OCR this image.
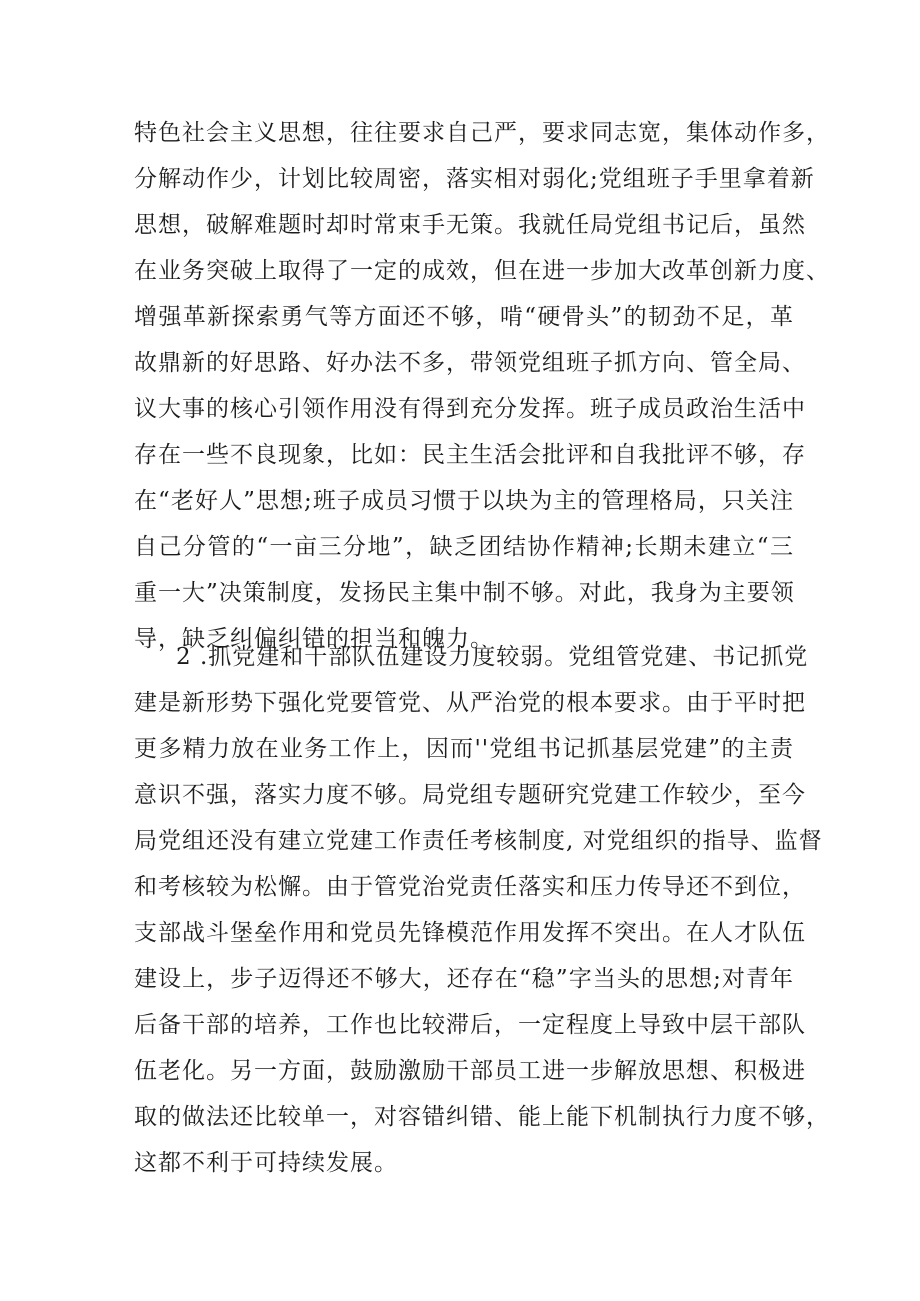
特色社会主义思想，往往要求自己严，要求同志宽，集体动作多，
分解动作少，计划比较周密，落实相对弱化;党组班子手里拿着新
思想，破解难题时却时常束手无策。我就任局党组书记后，虽然
在业务突破上取得了一定的成效，但在进一步加大改革创新力度、
增强革新探索勇气等方面还不够，啃“硬骨头”的韧劲不足，革
故鼎新的好思路、好办法不多，带领党组班子抓方向、管全局、
议大事的核心引领作用没有得到充分发挥。班子成员政治生活中
存在一些不良现象，比如：民主生活会批评和自我批评不够，存
在“老好人”思想;班子成员习惯于以块为主的管理格局，只关注
自己分管的“一亩三分地”，缺乏团结协作精神;长期未建立“三
重一大”决策制度，发扬民主集中制不够。对此，我身为主要领
导，缺乏纠偏纠错的担当和魄力。
2 .抓党建和干部队伍建设力度较弱。党组管党建、书记抓党
建是新形势下强化党要管党、从严治党的根本要求。由于平时把
更多精力放在业务工作上，因而''党组书记抓基层党建”的主责
意识不强，落实力度不够。局党组专题研究党建工作较少，至今
局党组还没有建立党建工作责任考核制度, 对党组织的指导、监督
和考核较为松懈。由于管党治党责任落实和压力传导还不到位，
支部战斗堡垒作用和党员先锋模范作用发挥不突出。在人才队伍
建设上，步子迈得还不够大，还存在“稳”字当头的思想;对青年
后备干部的培养，工作也比较滞后，一定程度上导致中层干部队
伍老化。另一方面，鼓励激励干部员工进一步解放思想、积极进
取的做法还比较单一，对容错纠错、能上能下机制执行力度不够，
这都不利于可持续发展。
